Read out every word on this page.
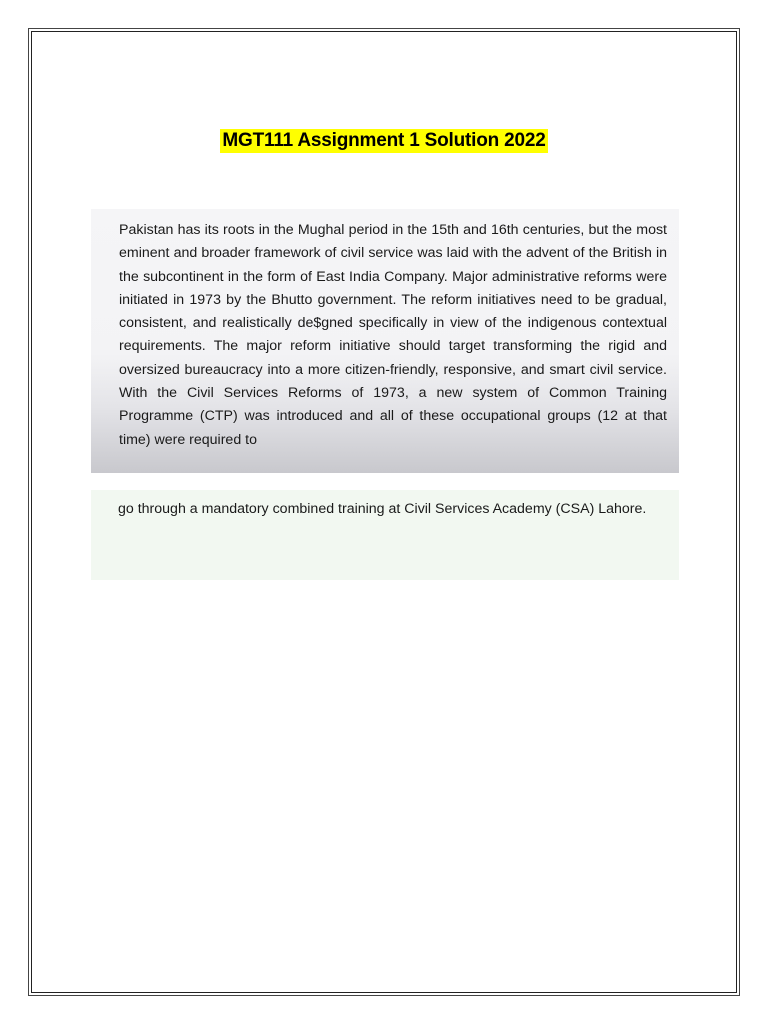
MGT111 Assignment 1 Solution 2022

Pakistan has its roots in the Mughal period in the 15th and 16th centuries, but the most eminent and broader framework of civil service was laid with the advent of the British in the subcontinent in the form of East India Company. Major administrative reforms were initiated in 1973 by the Bhutto government. The reform initiatives need to be gradual, consistent, and realistically de$gned specifically in view of the indigenous contextual requirements. The major reform initiative should target transforming the rigid and oversized bureaucracy into a more citizen-friendly, responsive, and smart civil service. With the Civil Services Reforms of 1973, a new system of Common Training Programme (CTP) was introduced and all of these occupational groups (12 at that time) were required to

go through a mandatory combined training at Civil Services Academy (CSA) Lahore.
